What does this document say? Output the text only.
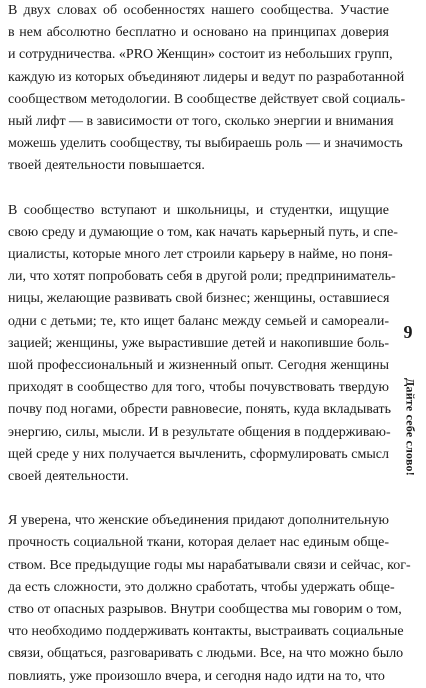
В двух словах об особенностях нашего сообщества. Участие
в нем абсолютно бесплатно и основано на принципах доверия
и сотрудничества. «PRO Женщин» состоит из небольших групп,
каждую из которых объединяют лидеры и ведут по разработанной
сообществом методологии. В сообществе действует свой социаль-
ный лифт — в зависимости от того, сколько энергии и внимания
можешь уделить сообществу, ты выбираешь роль — и значимость
твоей деятельности повышается.
В сообщество вступают и школьницы, и студентки, ищущие
свою среду и думающие о том, как начать карьерный путь, и спе-
циалисты, которые много лет строили карьеру в найме, но поня-
ли, что хотят попробовать себя в другой роли; предприниматель-
ницы, желающие развивать свой бизнес; женщины, оставшиеся
одни с детьми; те, кто ищет баланс между семьей и самореали-
зацией; женщины, уже вырастившие детей и накопившие боль-
шой профессиональный и жизненный опыт. Сегодня женщины
приходят в сообщество для того, чтобы почувствовать твердую
почву под ногами, обрести равновесие, понять, куда вкладывать
энергию, силы, мысли. И в результате общения в поддерживаю-
щей среде у них получается вычленить, сформулировать смысл
своей деятельности.
Я уверена, что женские объединения придают дополнительную
прочность социальной ткани, которая делает нас единым обще-
ством. Все предыдущие годы мы нарабатывали связи и сейчас, ког-
да есть сложности, это должно сработать, чтобы удержать обще-
ство от опасных разрывов. Внутри сообщества мы говорим о том,
что необходимо поддерживать контакты, выстраивать социальные
связи, общаться, разговаривать с людьми. Все, на что можно было
повлиять, уже произошло вчера, и сегодня надо идти на то, что
9
Дайте себе слово!
